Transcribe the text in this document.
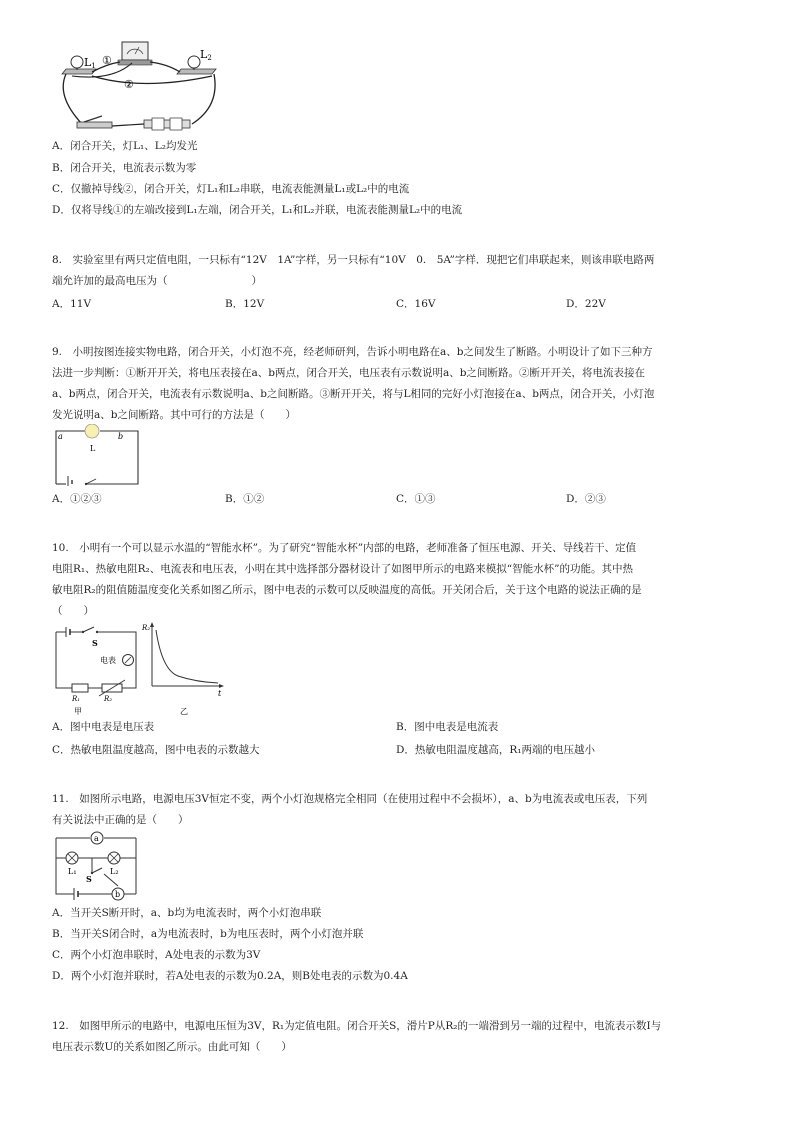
L1
L2
①
②
A．闭合开关，灯L₁、L₂均发光
B．闭合开关，电流表示数为零
C．仅撤掉导线②，闭合开关，灯L₁和L₂串联，电流表能测量L₁或L₂中的电流
D．仅将导线①的左端改接到L₁左端，闭合开关，L₁和L₂并联，电流表能测量L₂中的电流
8.　实验室里有两只定值电阻，一只标有“12V　1A”字样，另一只标有“10V　0.　5A”字样．现把它们串联起来，则该串联电路两
端允许加的最高电压为（　　　　　　　　）
A．11V	B．12V	C．16V	D．22V
9.　小明按图连接实物电路，闭合开关，小灯泡不亮，经老师研判，告诉小明电路在a、b之间发生了断路。小明设计了如下三种方
法进一步判断：①断开开关，将电压表接在a、b两点，闭合开关，电压表有示数说明a、b之间断路。②断开开关，将电流表接在
a、b两点，闭合开关，电流表有示数说明a、b之间断路。③断开开关，将与L相同的完好小灯泡接在a、b两点，闭合开关，小灯泡
发光说明a、b之间断路。其中可行的方法是（　　）
a	b
L
A．①②③	B．①②	C．①③	D．②③
10.　小明有一个可以显示水温的“智能水杯”。为了研究“智能水杯”内部的电路，老师准备了恒压电源、开关、导线若干、定值
电阻R₁、热敏电阻R₂、电流表和电压表，小明在其中选择部分器材设计了如图甲所示的电路来模拟“智能水杯”的功能。其中热
敏电阻R₂的阻值随温度变化关系如图乙所示，图中电表的示数可以反映温度的高低。开关闭合后，关于这个电路的说法正确的是
（　　）
S
电表
R₁	R₂
甲
R₂
t
乙
A．图中电表是电压表	B．图中电表是电流表
C．热敏电阻温度越高，图中电表的示数越大	D．热敏电阻温度越高，R₁两端的电压越小
11.　如图所示电路，电源电压3V恒定不变，两个小灯泡规格完全相同（在使用过程中不会损坏），a、b为电流表或电压表，下列
有关说法中正确的是（　　）
a
b
L₁	L₂
S
A．当开关S断开时，a、b均为电流表时，两个小灯泡串联
B．当开关S闭合时，a为电流表时，b为电压表时，两个小灯泡并联
C．两个小灯泡串联时，A处电表的示数为3V
D．两个小灯泡并联时，若A处电表的示数为0.2A，则B处电表的示数为0.4A
12.　如图甲所示的电路中，电源电压恒为3V，R₁为定值电阻。闭合开关S，滑片P从R₂的一端滑到另一端的过程中，电流表示数I与
电压表示数U的关系如图乙所示。由此可知（　　）
